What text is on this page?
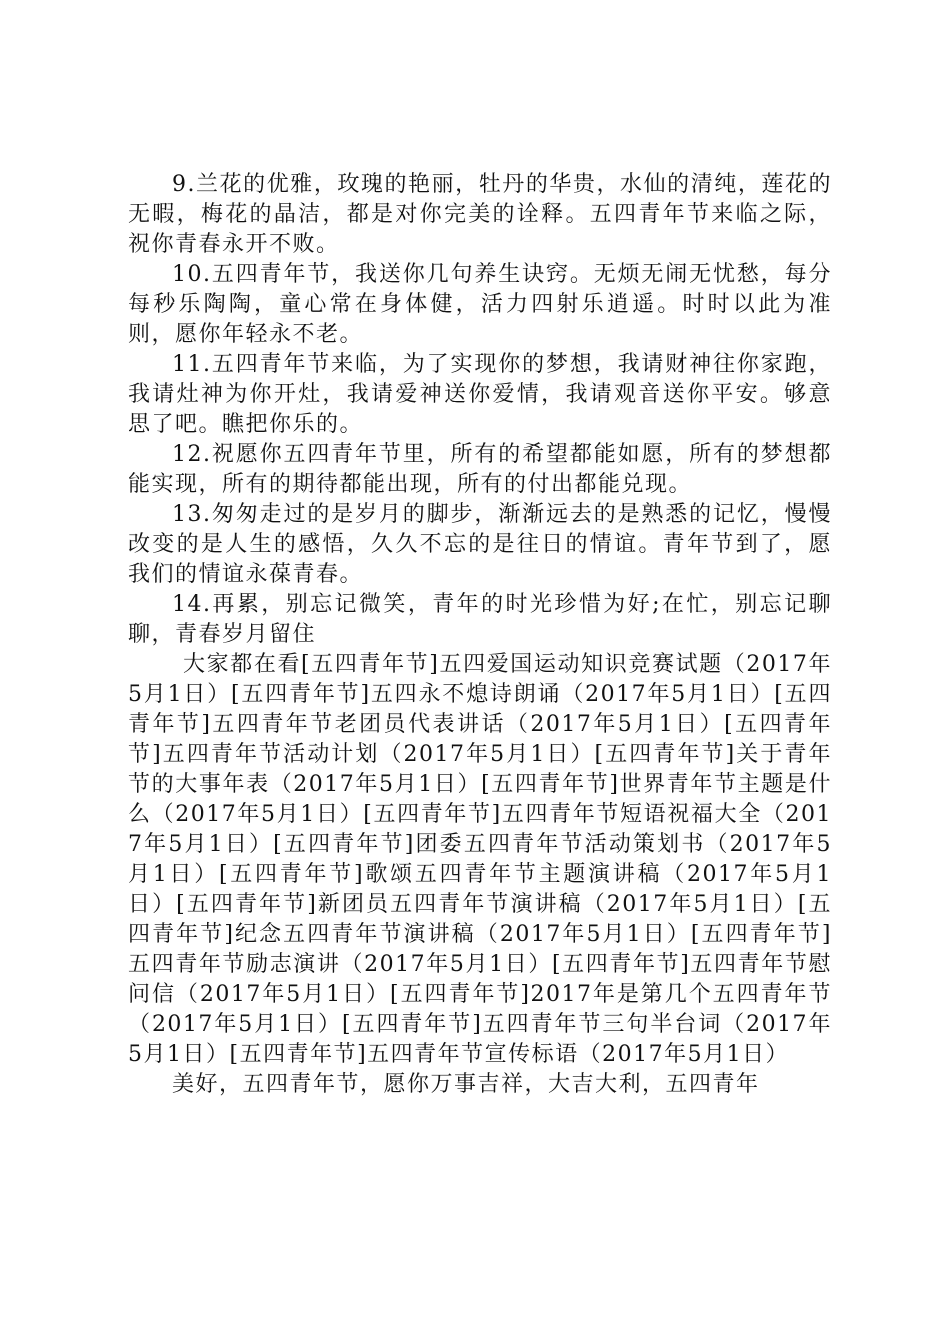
9.兰花的优雅，玫瑰的艳丽，牡丹的华贵，水仙的清纯，莲花的无暇，梅花的晶洁，都是对你完美的诠释。五四青年节来临之际，祝你青春永开不败。

10.五四青年节，我送你几句养生诀窍。无烦无闹无忧愁，每分每秒乐陶陶，童心常在身体健，活力四射乐逍遥。时时以此为准则，愿你年轻永不老。

11.五四青年节来临，为了实现你的梦想，我请财神往你家跑，我请灶神为你开灶，我请爱神送你爱情，我请观音送你平安。够意思了吧。瞧把你乐的。

12.祝愿你五四青年节里，所有的希望都能如愿，所有的梦想都能实现，所有的期待都能出现，所有的付出都能兑现。

13.匆匆走过的是岁月的脚步，渐渐远去的是熟悉的记忆，慢慢改变的是人生的感悟，久久不忘的是往日的情谊。青年节到了，愿我们的情谊永葆青春。

14.再累，别忘记微笑，青年的时光珍惜为好;在忙，别忘记聊聊，青春岁月留住

大家都在看[五四青年节]五四爱国运动知识竞赛试题（2017年5月1日）[五四青年节]五四永不熄诗朗诵（2017年5月1日）[五四青年节]五四青年节老团员代表讲话（2017年5月1日）[五四青年节]五四青年节活动计划（2017年5月1日）[五四青年节]关于青年节的大事年表（2017年5月1日）[五四青年节]世界青年节主题是什么（2017年5月1日）[五四青年节]五四青年节短语祝福大全（2017年5月1日）[五四青年节]团委五四青年节活动策划书（2017年5月1日）[五四青年节]歌颂五四青年节主题演讲稿（2017年5月1日）[五四青年节]新团员五四青年节演讲稿（2017年5月1日）[五四青年节]纪念五四青年节演讲稿（2017年5月1日）[五四青年节]五四青年节励志演讲（2017年5月1日）[五四青年节]五四青年节慰问信（2017年5月1日）[五四青年节]2017年是第几个五四青年节（2017年5月1日）[五四青年节]五四青年节三句半台词（2017年5月1日）[五四青年节]五四青年节宣传标语（2017年5月1日）

美好，五四青年节，愿你万事吉祥，大吉大利，五四青年
